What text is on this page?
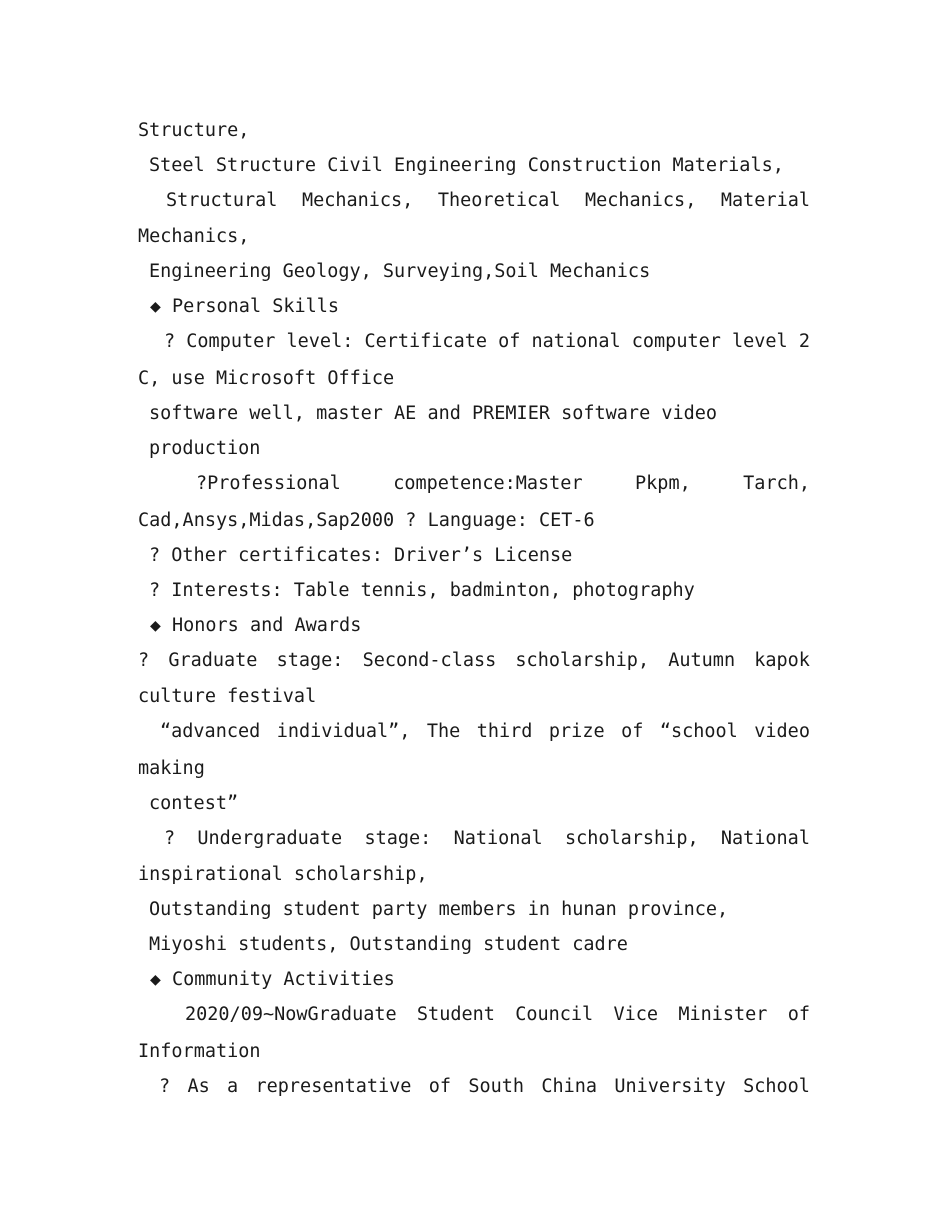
Structure,
Steel Structure Civil Engineering Construction Materials,
Structural Mechanics, Theoretical Mechanics, Material
Mechanics,
Engineering Geology, Surveying,Soil Mechanics
◆ Personal Skills
? Computer level: Certificate of national computer level 2
C, use Microsoft Office
software well, master AE and PREMIER software video
production
?Professional	competence:Master	Pkpm,	Tarch,
Cad,Ansys,Midas,Sap2000 ? Language: CET-6
? Other certificates: Driver’s License
? Interests: Table tennis, badminton, photography
◆ Honors and Awards
? Graduate stage: Second-class scholarship, Autumn kapok
culture festival
“advanced individual”, The third prize of “school video
making
contest”
? Undergraduate stage: National scholarship, National
inspirational scholarship,
Outstanding student party members in hunan province,
Miyoshi students, Outstanding student cadre
◆ Community Activities
2020/09~NowGraduate Student Council Vice Minister of
Information
? As a representative of South China University School
